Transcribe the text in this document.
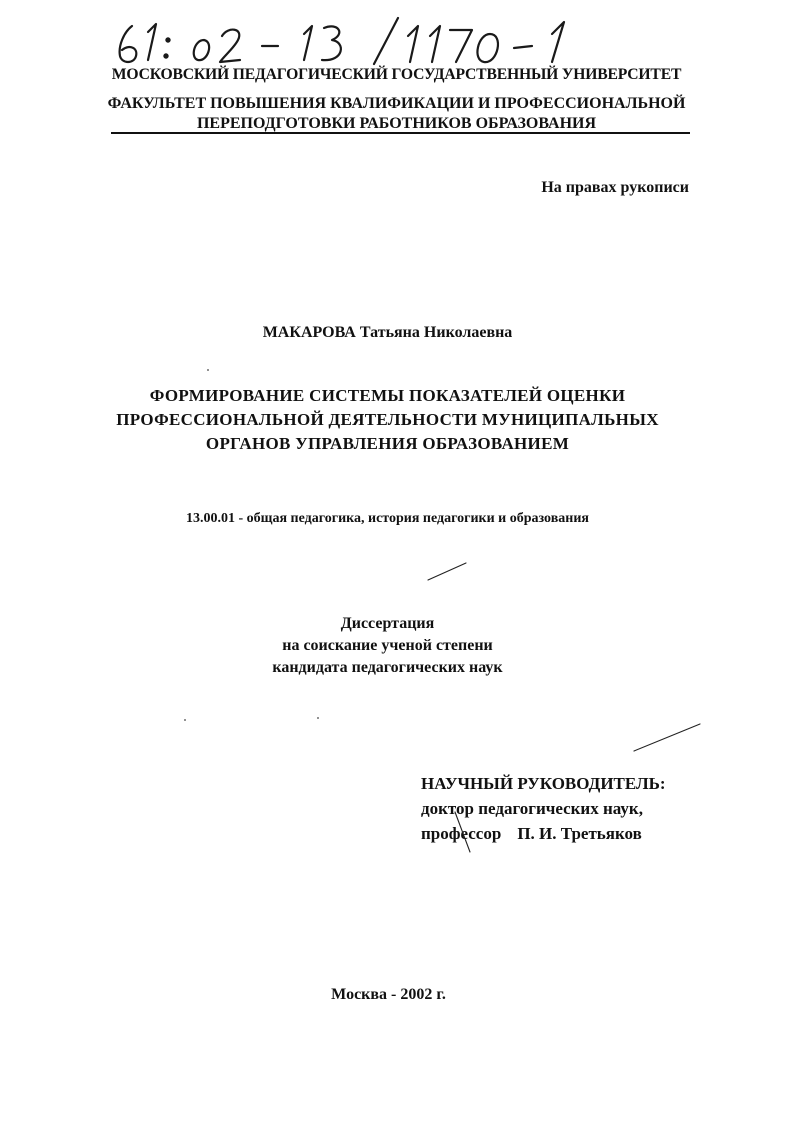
МОСКОВСКИЙ ПЕДАГОГИЧЕСКИЙ ГОСУДАРСТВЕННЫЙ УНИВЕРСИТЕТ
ФАКУЛЬТЕТ ПОВЫШЕНИЯ КВАЛИФИКАЦИИ И ПРОФЕССИОНАЛЬНОЙ
ПЕРЕПОДГОТОВКИ РАБОТНИКОВ ОБРАЗОВАНИЯ
На правах рукописи
МАКАРОВА Татьяна Николаевна
ФОРМИРОВАНИЕ СИСТЕМЫ ПОКАЗАТЕЛЕЙ ОЦЕНКИ
ПРОФЕССИОНАЛЬНОЙ ДЕЯТЕЛЬНОСТИ МУНИЦИПАЛЬНЫХ
ОРГАНОВ УПРАВЛЕНИЯ ОБРАЗОВАНИЕМ
13.00.01 - общая педагогика, история педагогики и образования
Диссертация
на соискание ученой степени
кандидата педагогических наук
НАУЧНЫЙ РУКОВОДИТЕЛЬ:
доктор педагогических наук,
профессор П. И. Третьяков
Москва - 2002 г.
